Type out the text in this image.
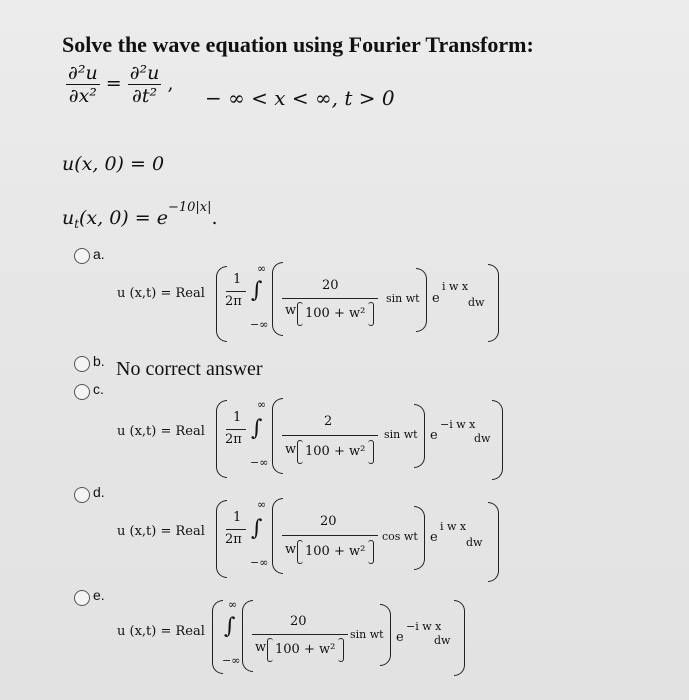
Solve the wave equation using Fourier Transform:
$\frac{\text{∂²u}}{\text{∂x²}} = \frac{\text{∂²u}}{\text{∂t²}}$ ,
− ∞ < x < ∞, t > 0
u(x, 0) = 0
$u_t(x$, $0) = e^{-10|x|}$.
a.
u (x,t) = Real
1
2π
∞
∫
−∞
20
w 100 + w²
sin wt e
i w x
dw
b. No correct answer
c.
u (x,t) = Real
1
2π
∞
∫
−∞
2
w 100 + w²
sin wt e
−i w x
dw
d.
u (x,t) = Real
1
2π
∞
∫
−∞
20
w 100 + w²
cos wt e
i w x
dw
e.
u (x,t) = Real
∞
∫
−∞
20
w 100 + w²
sin wt e
−i w x
dw
